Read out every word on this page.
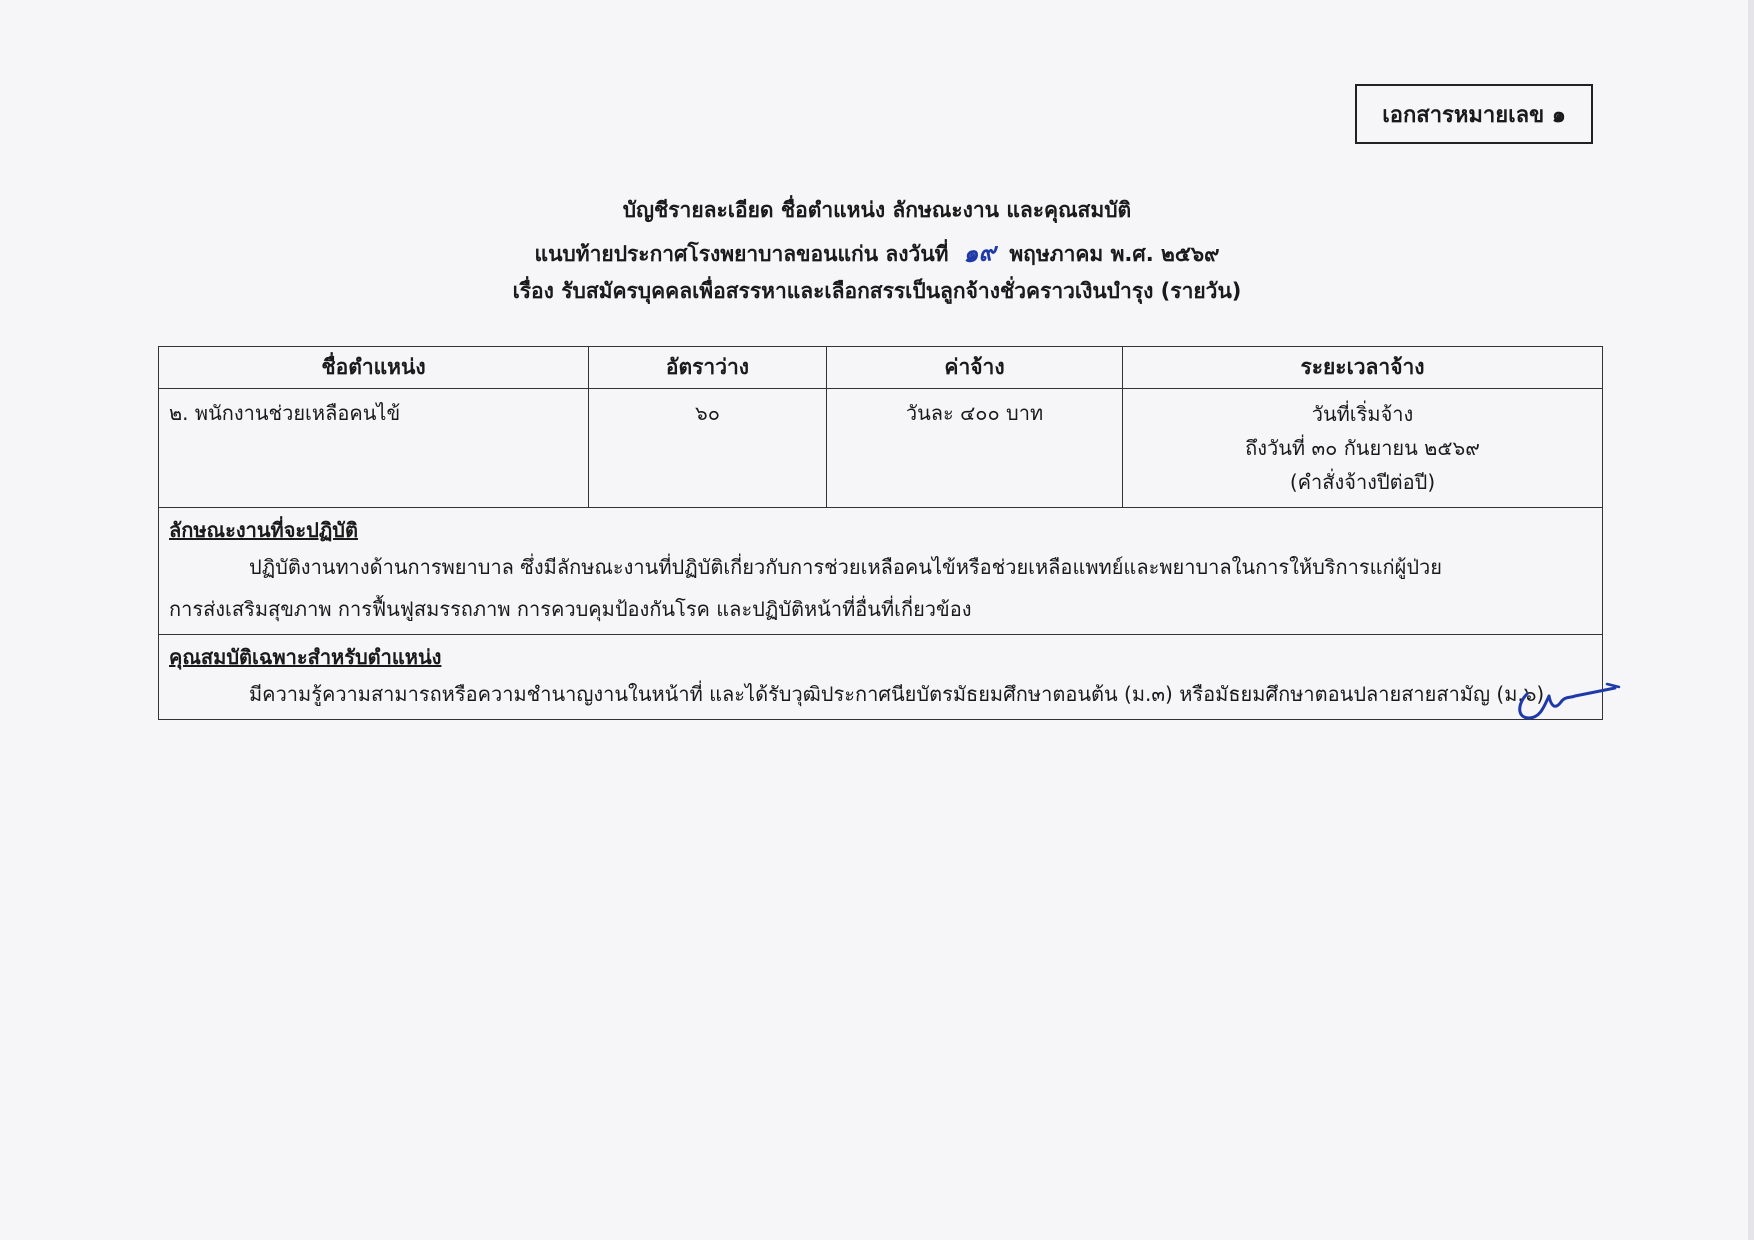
เอกสารหมายเลข ๑
บัญชีรายละเอียด ชื่อตำแหน่ง ลักษณะงาน และคุณสมบัติ
แนบท้ายประกาศโรงพยาบาลขอนแก่น ลงวันที่ ๑๙ พฤษภาคม พ.ศ. ๒๕๖๙
เรื่อง รับสมัครบุคคลเพื่อสรรหาและเลือกสรรเป็นลูกจ้างชั่วคราวเงินบำรุง (รายวัน)
ชื่อตำแหน่ง	อัตราว่าง	ค่าจ้าง	ระยะเวลาจ้าง
๒. พนักงานช่วยเหลือคนไข้	๖๐	วันละ ๔๐๐ บาท	วันที่เริ่มจ้าง
ถึงวันที่ ๓๐ กันยายน ๒๕๖๙
(คำสั่งจ้างปีต่อปี)

ลักษณะงานที่จะปฏิบัติ
ปฏิบัติงานทางด้านการพยาบาล ซึ่งมีลักษณะงานที่ปฏิบัติเกี่ยวกับการช่วยเหลือคนไข้หรือช่วยเหลือแพทย์และพยาบาลในการให้บริการแก่ผู้ป่วย
การส่งเสริมสุขภาพ การฟื้นฟูสมรรถภาพ การควบคุมป้องกันโรค และปฏิบัติหน้าที่อื่นที่เกี่ยวข้อง			

คุณสมบัติเฉพาะสำหรับตำแหน่ง
มีความรู้ความสามารถหรือความชำนาญงานในหน้าที่ และได้รับวุฒิประกาศนียบัตรมัธยมศึกษาตอนต้น (ม.๓) หรือมัธยมศึกษาตอนปลายสายสามัญ (ม.๖)			
